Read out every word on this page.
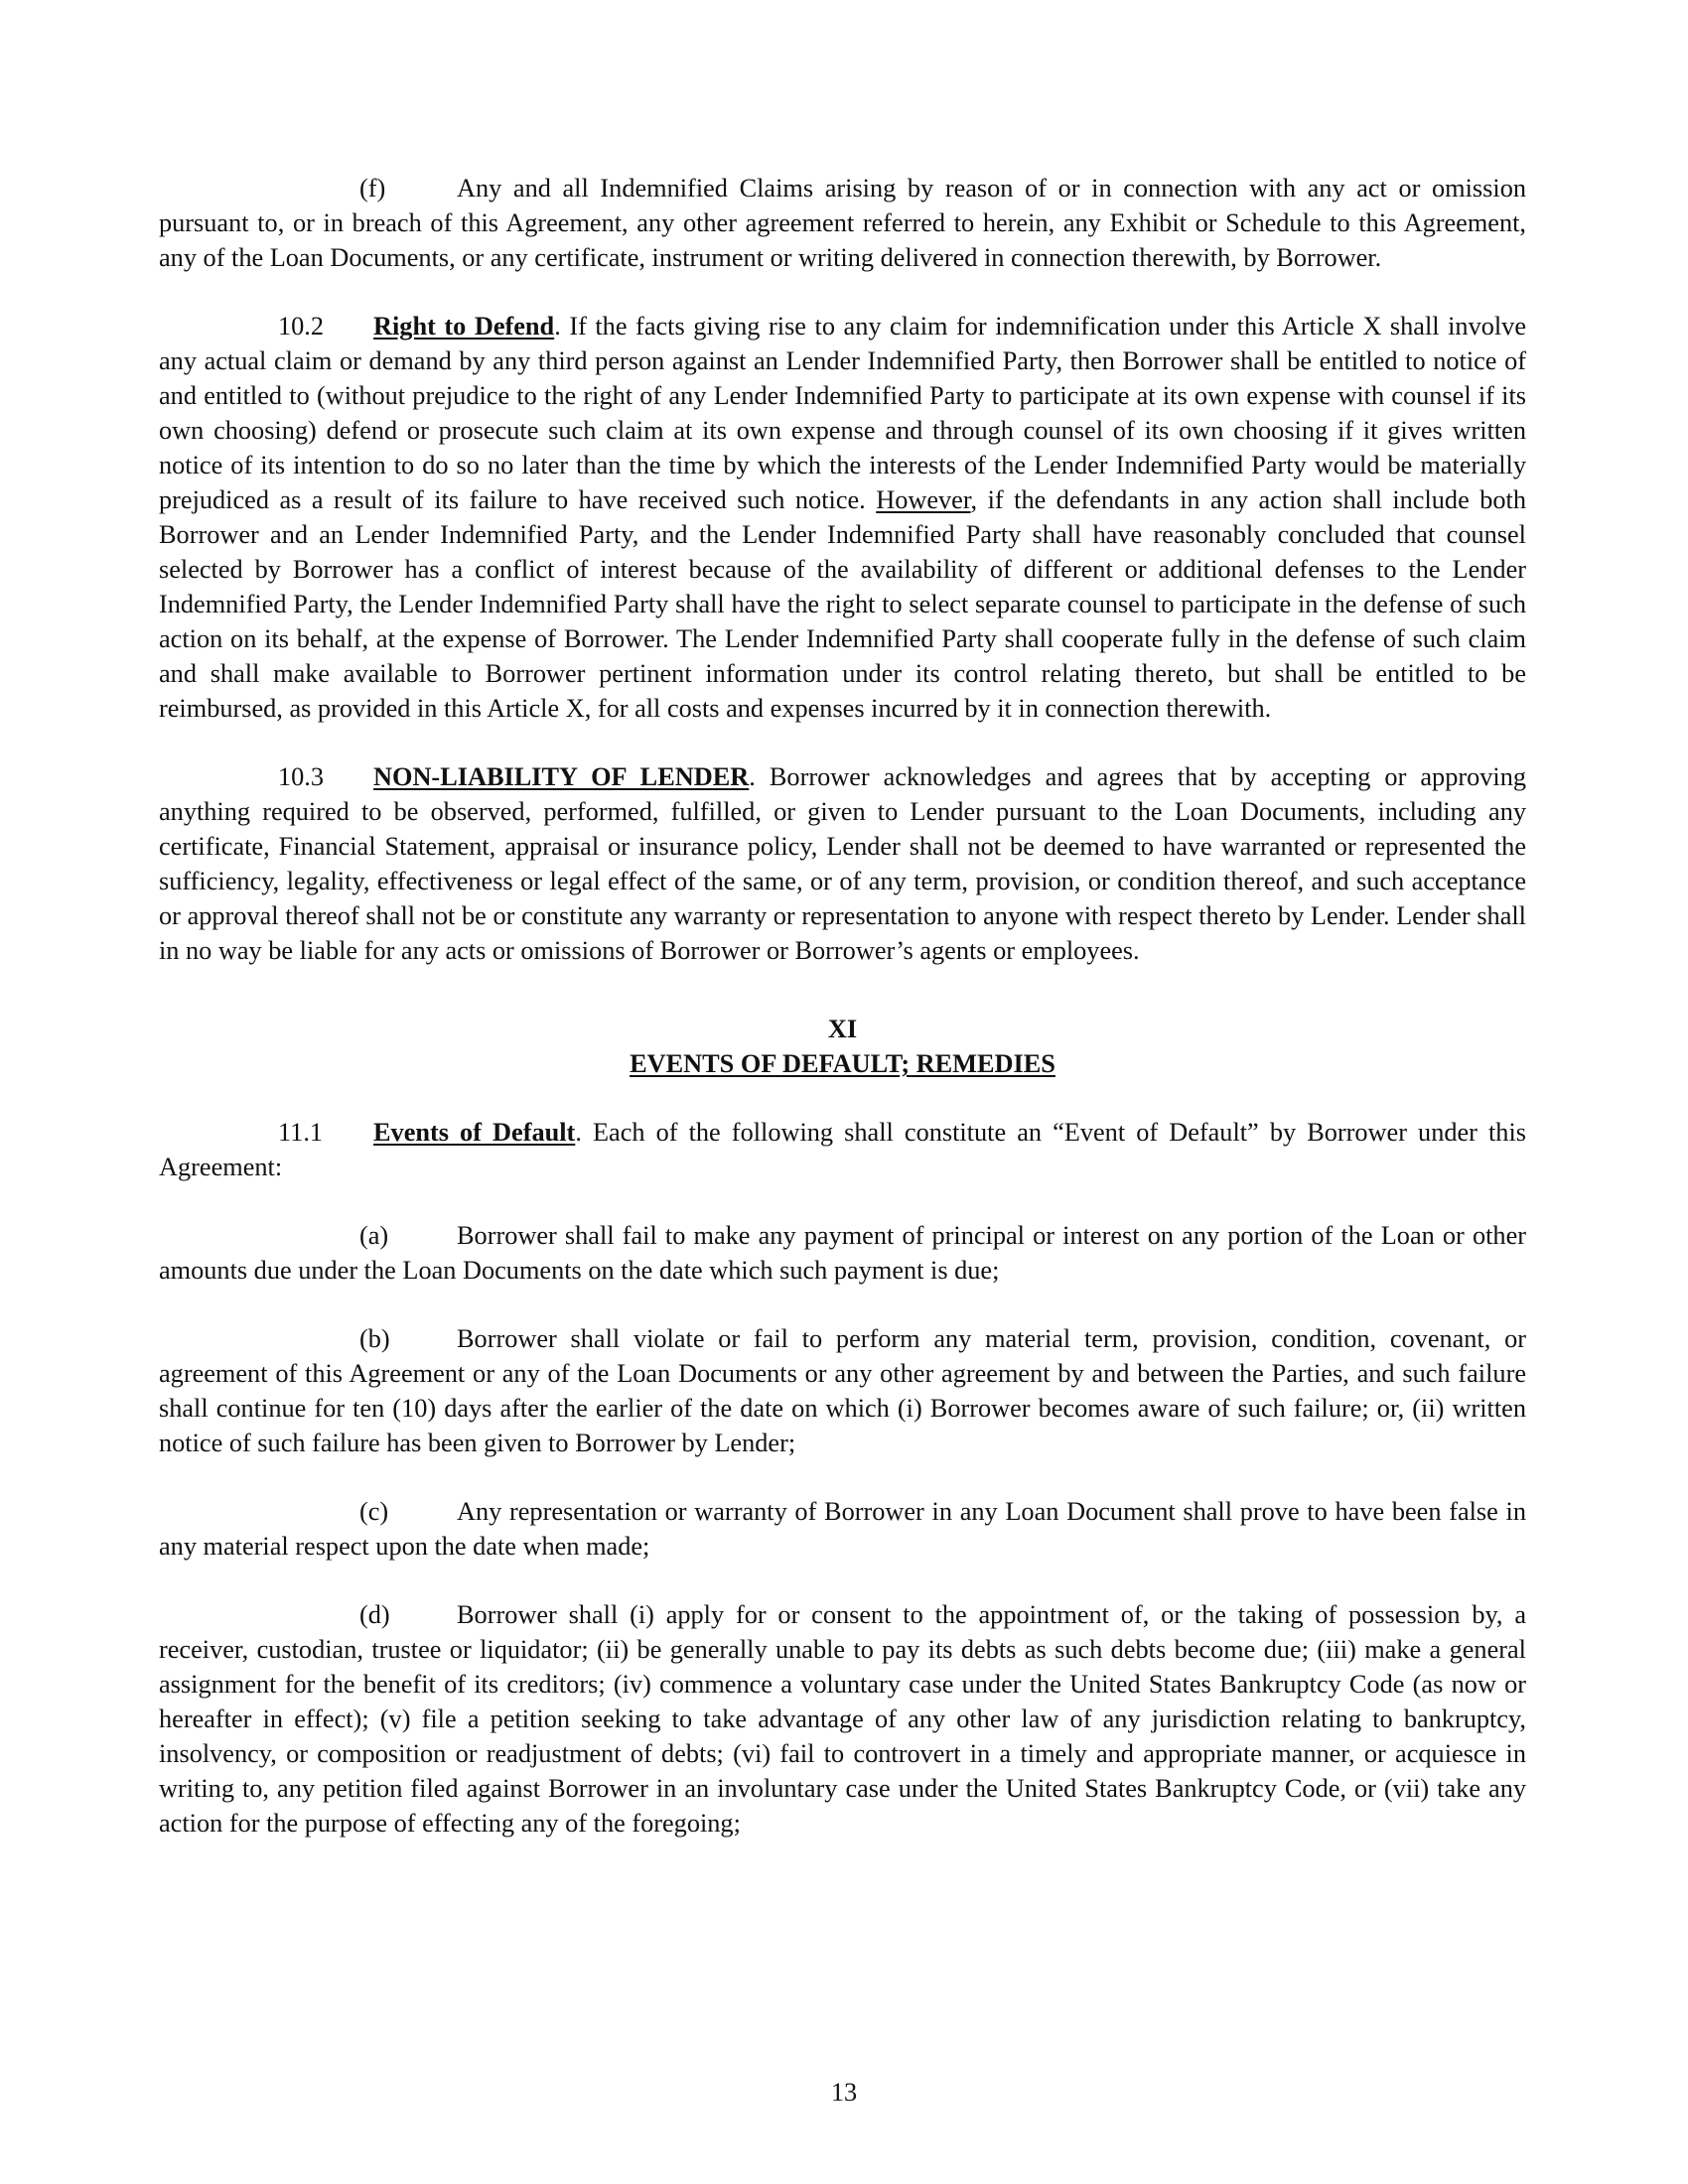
(f)	Any and all Indemnified Claims arising by reason of or in connection with any act or omission pursuant to, or in breach of this Agreement, any other agreement referred to herein, any Exhibit or Schedule to this Agreement, any of the Loan Documents, or any certificate, instrument or writing delivered in connection therewith, by Borrower.

10.2 Right to Defend. If the facts giving rise to any claim for indemnification under this Article X shall involve any actual claim or demand by any third person against an Lender Indemnified Party, then Borrower shall be entitled to notice of and entitled to (without prejudice to the right of any Lender Indemnified Party to participate at its own expense with counsel if its own choosing) defend or prosecute such claim at its own expense and through counsel of its own choosing if it gives written notice of its intention to do so no later than the time by which the interests of the Lender Indemnified Party would be materially prejudiced as a result of its failure to have received such notice. However, if the defendants in any action shall include both Borrower and an Lender Indemnified Party, and the Lender Indemnified Party shall have reasonably concluded that counsel selected by Borrower has a conflict of interest because of the availability of different or additional defenses to the Lender Indemnified Party, the Lender Indemnified Party shall have the right to select separate counsel to participate in the defense of such action on its behalf, at the expense of Borrower. The Lender Indemnified Party shall cooperate fully in the defense of such claim and shall make available to Borrower pertinent information under its control relating thereto, but shall be entitled to be reimbursed, as provided in this Article X, for all costs and expenses incurred by it in connection therewith.

10.3 NON-LIABILITY OF LENDER. Borrower acknowledges and agrees that by accepting or approving anything required to be observed, performed, fulfilled, or given to Lender pursuant to the Loan Documents, including any certificate, Financial Statement, appraisal or insurance policy, Lender shall not be deemed to have warranted or represented the sufficiency, legality, effectiveness or legal effect of the same, or of any term, provision, or condition thereof, and such acceptance or approval thereof shall not be or constitute any warranty or representation to anyone with respect thereto by Lender. Lender shall in no way be liable for any acts or omissions of Borrower or Borrower’s agents or employees.

XI
EVENTS OF DEFAULT; REMEDIES

11.1 Events of Default. Each of the following shall constitute an “Event of Default” by Borrower under this Agreement:

(a)	Borrower shall fail to make any payment of principal or interest on any portion of the Loan or other amounts due under the Loan Documents on the date which such payment is due;

(b)	Borrower shall violate or fail to perform any material term, provision, condition, covenant, or agreement of this Agreement or any of the Loan Documents or any other agreement by and between the Parties, and such failure shall continue for ten (10) days after the earlier of the date on which (i) Borrower becomes aware of such failure; or, (ii) written notice of such failure has been given to Borrower by Lender;

(c)	Any representation or warranty of Borrower in any Loan Document shall prove to have been false in any material respect upon the date when made;

(d)	Borrower shall (i) apply for or consent to the appointment of, or the taking of possession by, a receiver, custodian, trustee or liquidator; (ii) be generally unable to pay its debts as such debts become due; (iii) make a general assignment for the benefit of its creditors; (iv) commence a voluntary case under the United States Bankruptcy Code (as now or hereafter in effect); (v) file a petition seeking to take advantage of any other law of any jurisdiction relating to bankruptcy, insolvency, or composition or readjustment of debts; (vi) fail to controvert in a timely and appropriate manner, or acquiesce in writing to, any petition filed against Borrower in an involuntary case under the United States Bankruptcy Code, or (vii) take any action for the purpose of effecting any of the foregoing;

13
